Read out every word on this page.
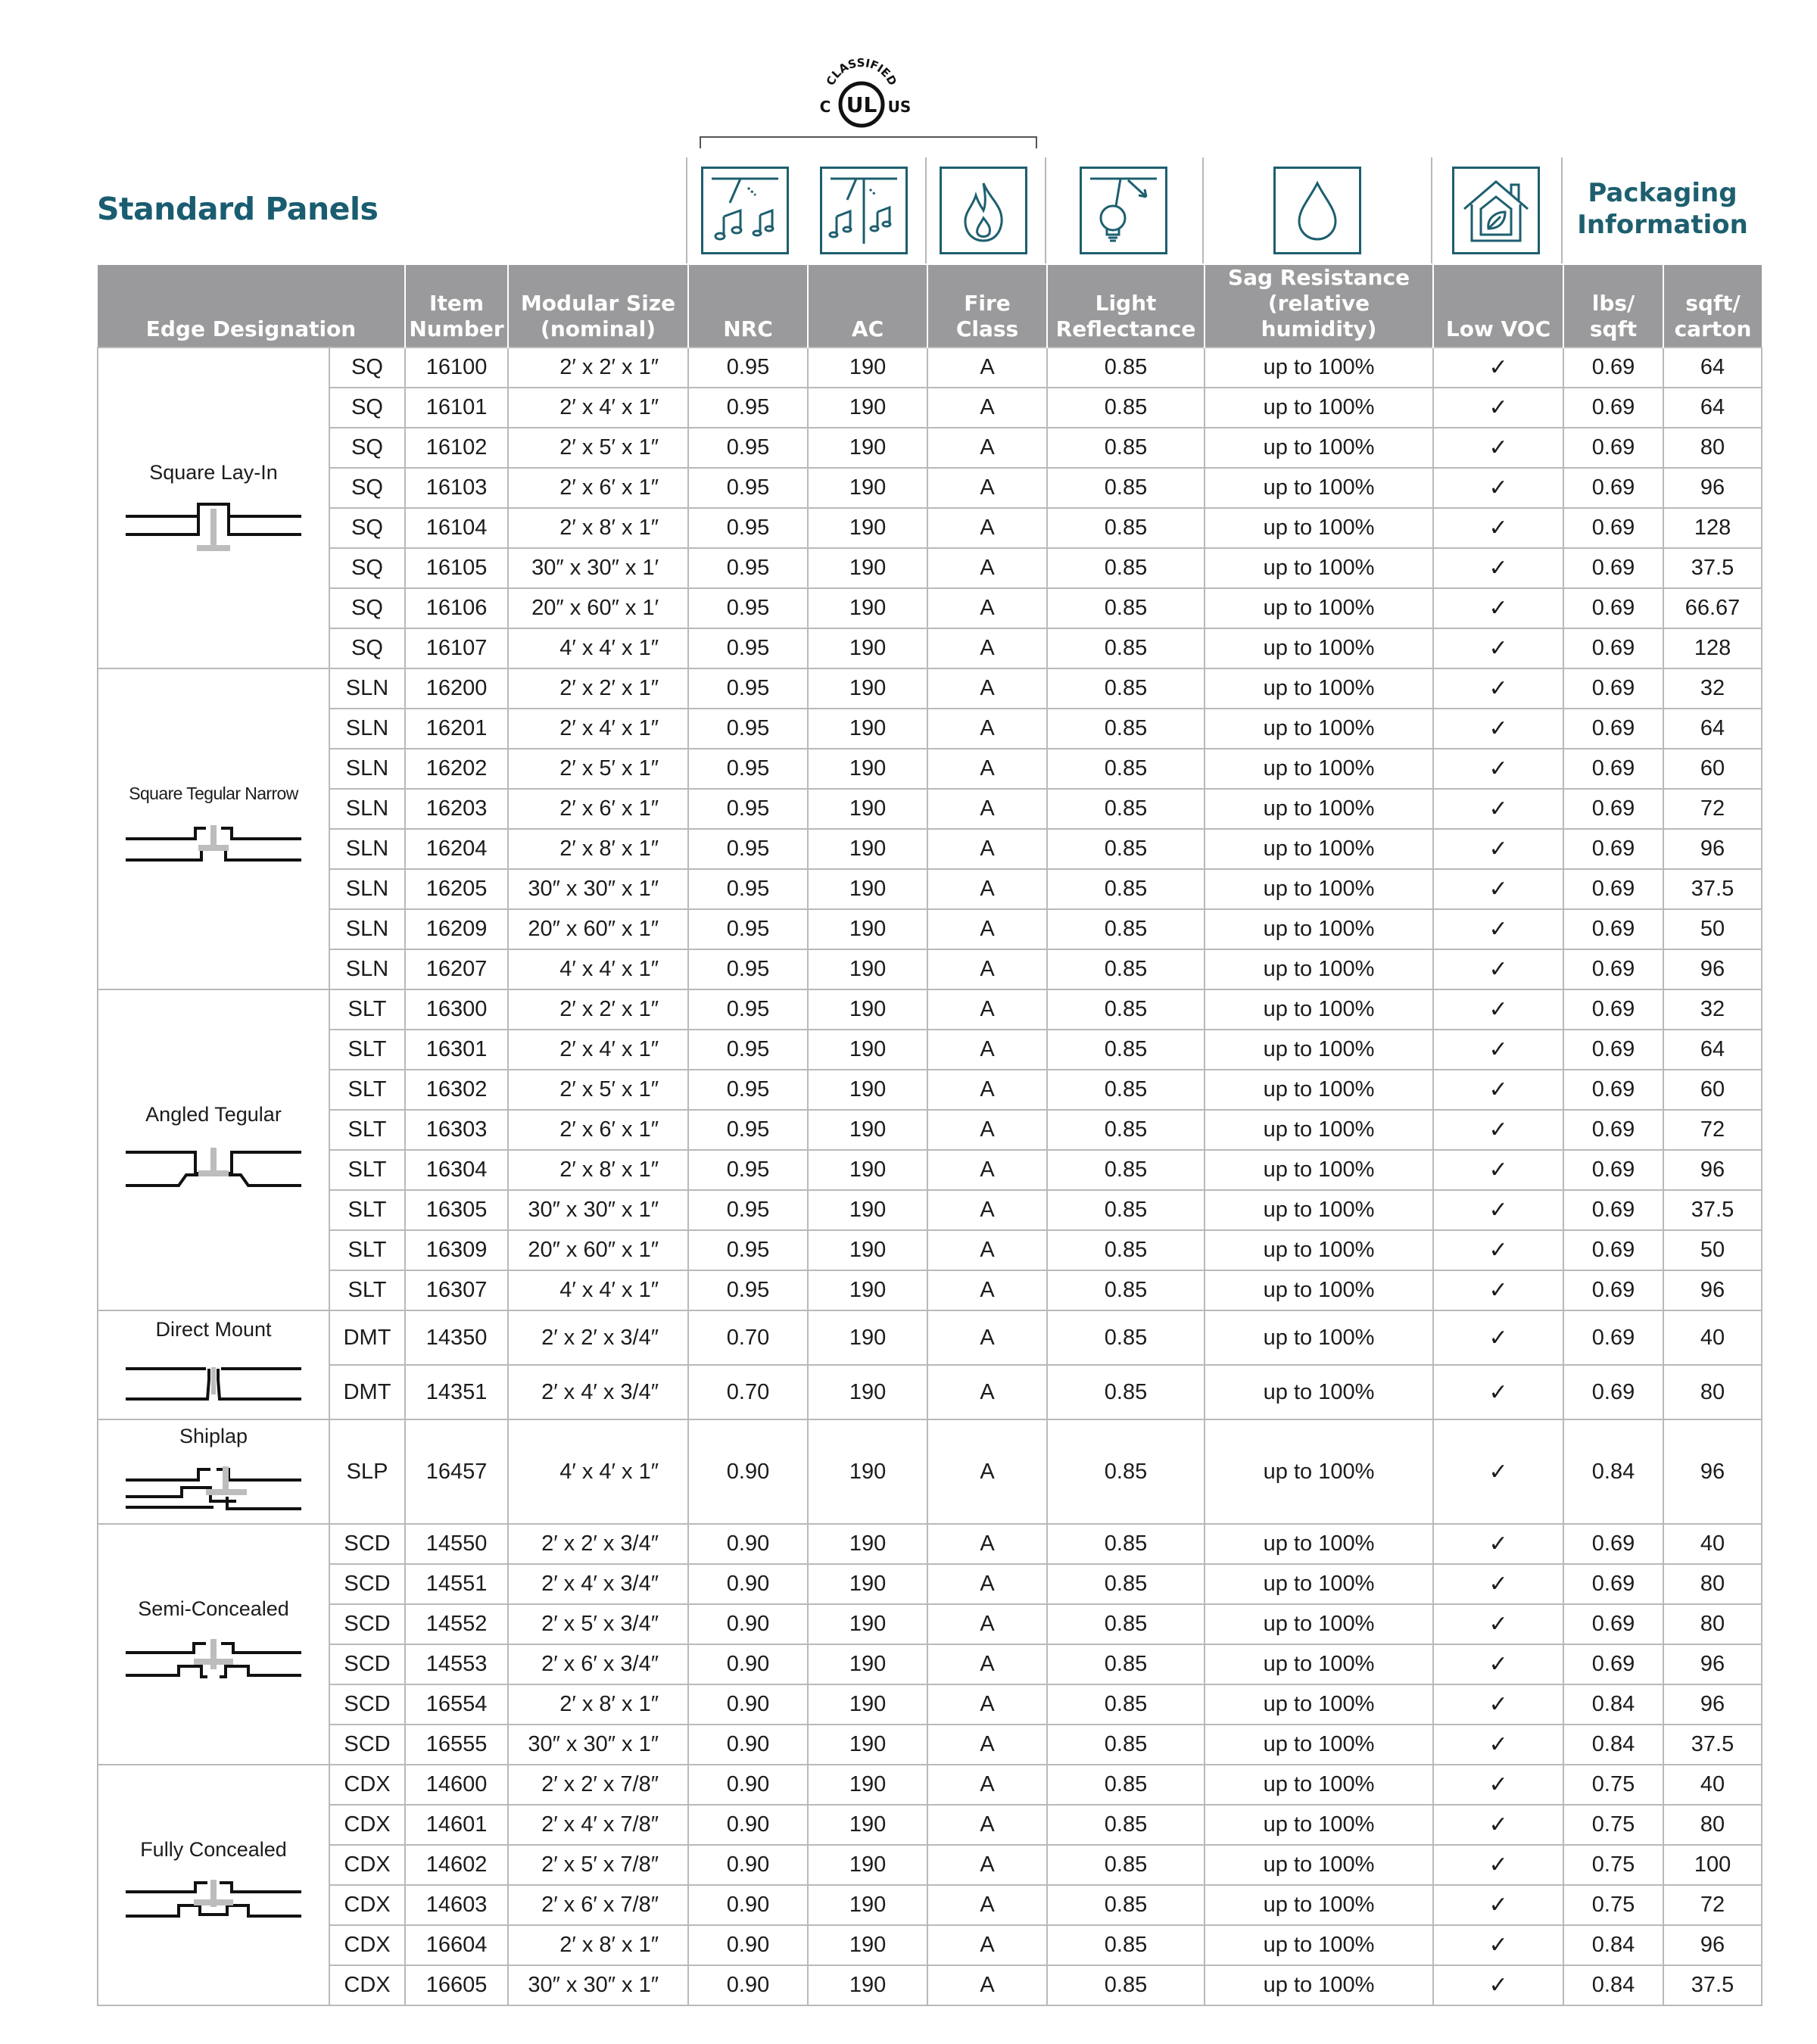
Standard Panels
CLASSIFIED
UL
C	US
Packaging Information
Edge Designation		Item Number	Modular Size (nominal)	NRC	AC	Fire Class	Light Reflectance	Sag Resistance (relative humidity)	Low VOC	lbs/ sqft	sqft/ carton

Square Lay-In	SQ	16100	2′ x 2′ x 1″	0.95	190	A	0.85	up to 100%	✓	0.69	64
	SQ	16101	2′ x 4′ x 1″	0.95	190	A	0.85	up to 100%	✓	0.69	64
	SQ	16102	2′ x 5′ x 1″	0.95	190	A	0.85	up to 100%	✓	0.69	80
	SQ	16103	2′ x 6′ x 1″	0.95	190	A	0.85	up to 100%	✓	0.69	96
	SQ	16104	2′ x 8′ x 1″	0.95	190	A	0.85	up to 100%	✓	0.69	128
	SQ	16105	30″ x 30″ x 1′	0.95	190	A	0.85	up to 100%	✓	0.69	37.5
	SQ	16106	20″ x 60″ x 1′	0.95	190	A	0.85	up to 100%	✓	0.69	66.67
	SQ	16107	4′ x 4′ x 1″	0.95	190	A	0.85	up to 100%	✓	0.69	128

Square Tegular Narrow	SLN	16200	2′ x 2′ x 1″	0.95	190	A	0.85	up to 100%	✓	0.69	32
	SLN	16201	2′ x 4′ x 1″	0.95	190	A	0.85	up to 100%	✓	0.69	64
	SLN	16202	2′ x 5′ x 1″	0.95	190	A	0.85	up to 100%	✓	0.69	60
	SLN	16203	2′ x 6′ x 1″	0.95	190	A	0.85	up to 100%	✓	0.69	72
	SLN	16204	2′ x 8′ x 1″	0.95	190	A	0.85	up to 100%	✓	0.69	96
	SLN	16205	30″ x 30″ x 1″	0.95	190	A	0.85	up to 100%	✓	0.69	37.5
	SLN	16209	20″ x 60″ x 1″	0.95	190	A	0.85	up to 100%	✓	0.69	50
	SLN	16207	4′ x 4′ x 1″	0.95	190	A	0.85	up to 100%	✓	0.69	96

Angled Tegular	SLT	16300	2′ x 2′ x 1″	0.95	190	A	0.85	up to 100%	✓	0.69	32
	SLT	16301	2′ x 4′ x 1″	0.95	190	A	0.85	up to 100%	✓	0.69	64
	SLT	16302	2′ x 5′ x 1″	0.95	190	A	0.85	up to 100%	✓	0.69	60
	SLT	16303	2′ x 6′ x 1″	0.95	190	A	0.85	up to 100%	✓	0.69	72
	SLT	16304	2′ x 8′ x 1″	0.95	190	A	0.85	up to 100%	✓	0.69	96
	SLT	16305	30″ x 30″ x 1″	0.95	190	A	0.85	up to 100%	✓	0.69	37.5
	SLT	16309	20″ x 60″ x 1″	0.95	190	A	0.85	up to 100%	✓	0.69	50
	SLT	16307	4′ x 4′ x 1″	0.95	190	A	0.85	up to 100%	✓	0.69	96

Direct Mount	DMT	14350	2′ x 2′ x 3/4″	0.70	190	A	0.85	up to 100%	✓	0.69	40
	DMT	14351	2′ x 4′ x 3/4″	0.70	190	A	0.85	up to 100%	✓	0.69	80

Shiplap	SLP	16457	4′ x 4′ x 1″	0.90	190	A	0.85	up to 100%	✓	0.84	96

Semi-Concealed	SCD	14550	2′ x 2′ x 3/4″	0.90	190	A	0.85	up to 100%	✓	0.69	40
	SCD	14551	2′ x 4′ x 3/4″	0.90	190	A	0.85	up to 100%	✓	0.69	80
	SCD	14552	2′ x 5′ x 3/4″	0.90	190	A	0.85	up to 100%	✓	0.69	80
	SCD	14553	2′ x 6′ x 3/4″	0.90	190	A	0.85	up to 100%	✓	0.69	96
	SCD	16554	2′ x 8′ x 1″	0.90	190	A	0.85	up to 100%	✓	0.84	96
	SCD	16555	30″ x 30″ x 1″	0.90	190	A	0.85	up to 100%	✓	0.84	37.5

Fully Concealed	CDX	14600	2′ x 2′ x 7/8″	0.90	190	A	0.85	up to 100%	✓	0.75	40
	CDX	14601	2′ x 4′ x 7/8″	0.90	190	A	0.85	up to 100%	✓	0.75	80
	CDX	14602	2′ x 5′ x 7/8″	0.90	190	A	0.85	up to 100%	✓	0.75	100
	CDX	14603	2′ x 6′ x 7/8″	0.90	190	A	0.85	up to 100%	✓	0.75	72
	CDX	16604	2′ x 8′ x 1″	0.90	190	A	0.85	up to 100%	✓	0.84	96
	CDX	16605	30″ x 30″ x 1″	0.90	190	A	0.85	up to 100%	✓	0.84	37.5
